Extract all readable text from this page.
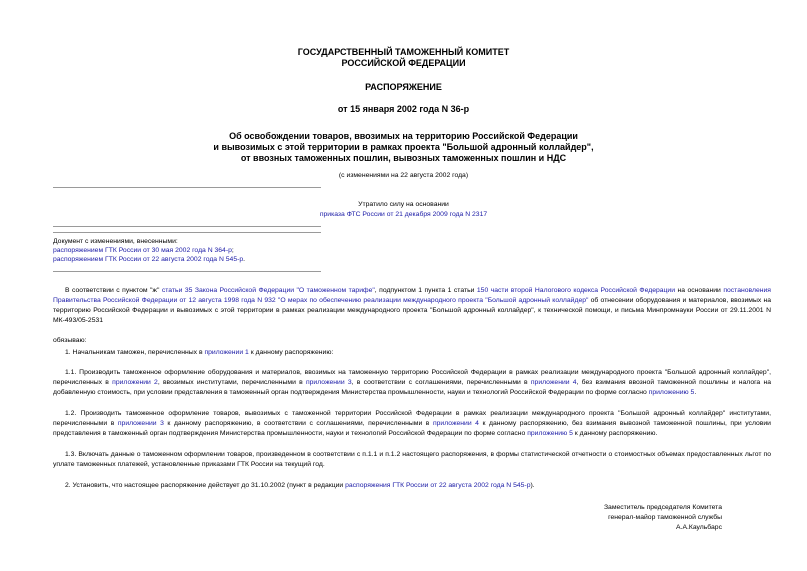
ГОСУДАРСТВЕННЫЙ ТАМОЖЕННЫЙ КОМИТЕТ
РОССИЙСКОЙ ФЕДЕРАЦИИ
РАСПОРЯЖЕНИЕ
от 15 января 2002 года N 36-р
Об освобождении товаров, ввозимых на территорию Российской Федерации
и вывозимых с этой территории в рамках проекта "Большой адронный коллайдер",
от ввозных таможенных пошлин, вывозных таможенных пошлин и НДС
(с изменениями на 22 августа 2002 года)
Утратило силу на основании
приказа ФТС России от 21 декабря 2009 года N 2317
Документ с изменениями, внесенными:
распоряжением ГТК России от 30 мая 2002 года N 364-р;
распоряжением ГТК России от 22 августа 2002 года N 545-р.
В соответствии с пунктом "ж" статьи 35 Закона Российской Федерации "О таможенном тарифе", подпунктом 1 пункта 1 статьи 150 части второй Налогового кодекса Российской Федерации на основании постановления Правительства Российской Федерации от 12 августа 1998 года N 932 "О мерах по обеспечению реализации международного проекта "Большой адронный коллайдер" об отнесении оборудования и материалов, ввозимых на территорию Российской Федерации и вывозимых с этой территории в рамках реализации международного проекта "Большой адронный коллайдер", к технической помощи, и письма Минпромнауки России от 29.11.2001 N МК-493/05-2531
обязываю:
1. Начальникам таможен, перечисленных в приложении 1 к данному распоряжению:
1.1. Производить таможенное оформление оборудования и материалов, ввозимых на таможенную территорию Российской Федерации в рамках реализации международного проекта "Большой адронный коллайдер", перечисленных в приложении 2, ввозимых институтами, перечисленными в приложении 3, в соответствии с соглашениями, перечисленными в приложении 4, без взимания ввозной таможенной пошлины и налога на добавленную стоимость, при условии представления в таможенный орган подтверждения Министерства промышленности, науки и технологий Российской Федерации по форме согласно приложению 5.
1.2. Производить таможенное оформление товаров, вывозимых с таможенной территории Российской Федерации в рамках реализации международного проекта "Большой адронный коллайдер" институтами, перечисленными в приложении 3 к данному распоряжению, в соответствии с соглашениями, перечисленными в приложении 4 к данному распоряжению, без взимания вывозной таможенной пошлины, при условии представления в таможенный орган подтверждения Министерства промышленности, науки и технологий Российской Федерации по форме согласно приложению 5 к данному распоряжению.
1.3. Включать данные о таможенном оформлении товаров, произведенном в соответствии с п.1.1 и п.1.2 настоящего распоряжения, в формы статистической отчетности о стоимостных объемах предоставленных льгот по уплате таможенных платежей, установленные приказами ГТК России на текущий год.
2. Установить, что настоящее распоряжение действует до 31.10.2002 (пункт в редакции распоряжения ГТК России от 22 августа 2002 года N 545-р).
Заместитель председателя Комитета
генерал-майор таможенной службы
А.А.Каульбарс
